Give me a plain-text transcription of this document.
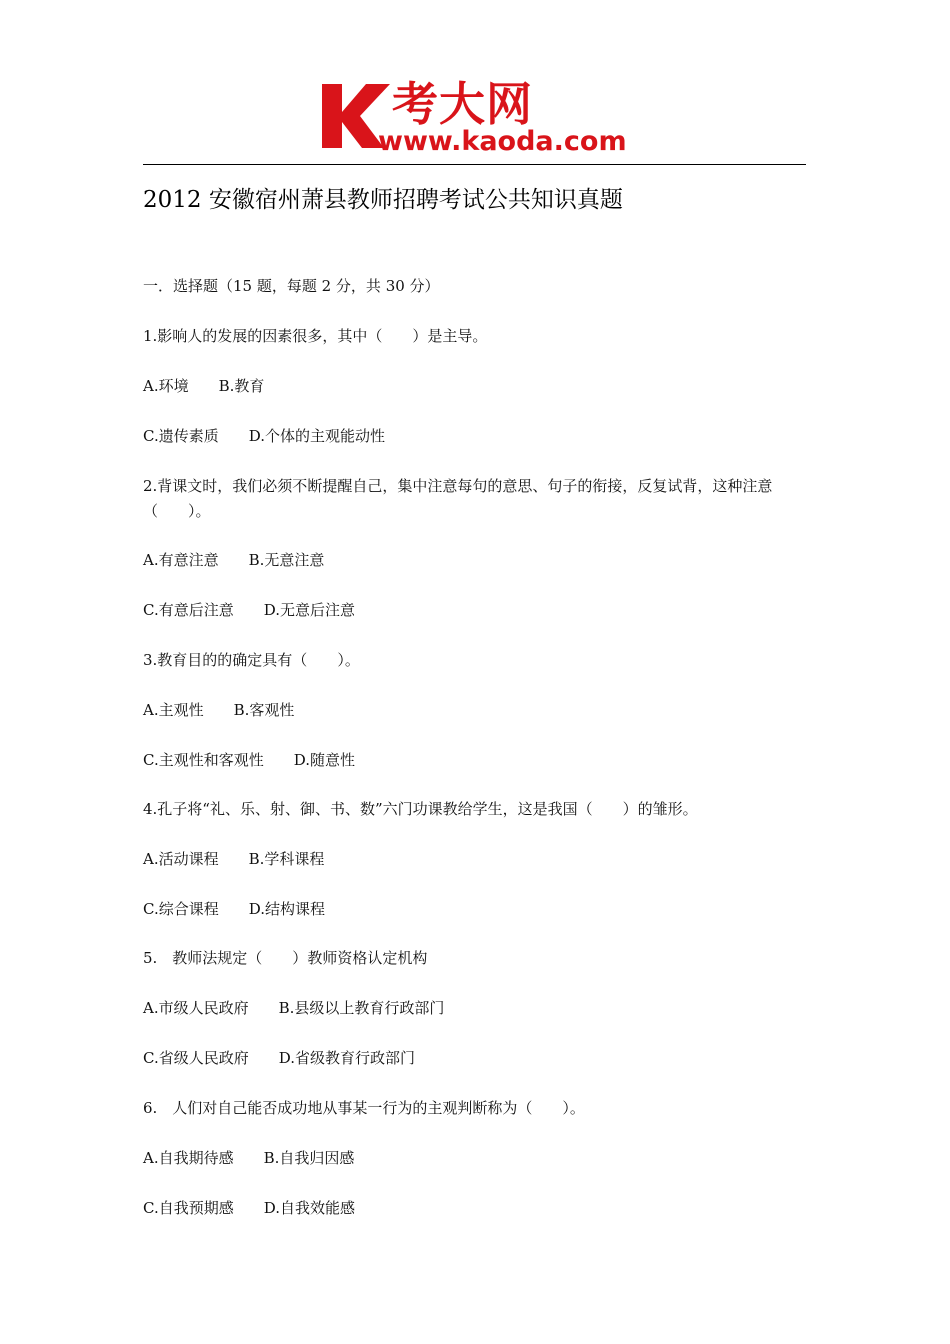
考大网
www.kaoda.com
2012 安徽宿州萧县教师招聘考试公共知识真题
一．选择题（15 题，每题 2 分，共 30 分）
1.影响人的发展的因素很多，其中（　　）是主导。
A.环境　　B.教育
C.遗传素质　　D.个体的主观能动性
2.背课文时，我们必须不断提醒自己，集中注意每句的意思、句子的衔接，反复试背，这种注意（　　）。
A.有意注意　　B.无意注意
C.有意后注意　　D.无意后注意
3.教育目的的确定具有（　　）。
A.主观性　　B.客观性
C.主观性和客观性　　D.随意性
4.孔子将“礼、乐、射、御、书、数”六门功课教给学生，这是我国（　　）的雏形。
A.活动课程　　B.学科课程
C.综合课程　　D.结构课程
5.　教师法规定（　　）教师资格认定机构
A.市级人民政府　　B.县级以上教育行政部门
C.省级人民政府　　D.省级教育行政部门
6.　人们对自己能否成功地从事某一行为的主观判断称为（　　）。
A.自我期待感　　B.自我归因感
C.自我预期感　　D.自我效能感
